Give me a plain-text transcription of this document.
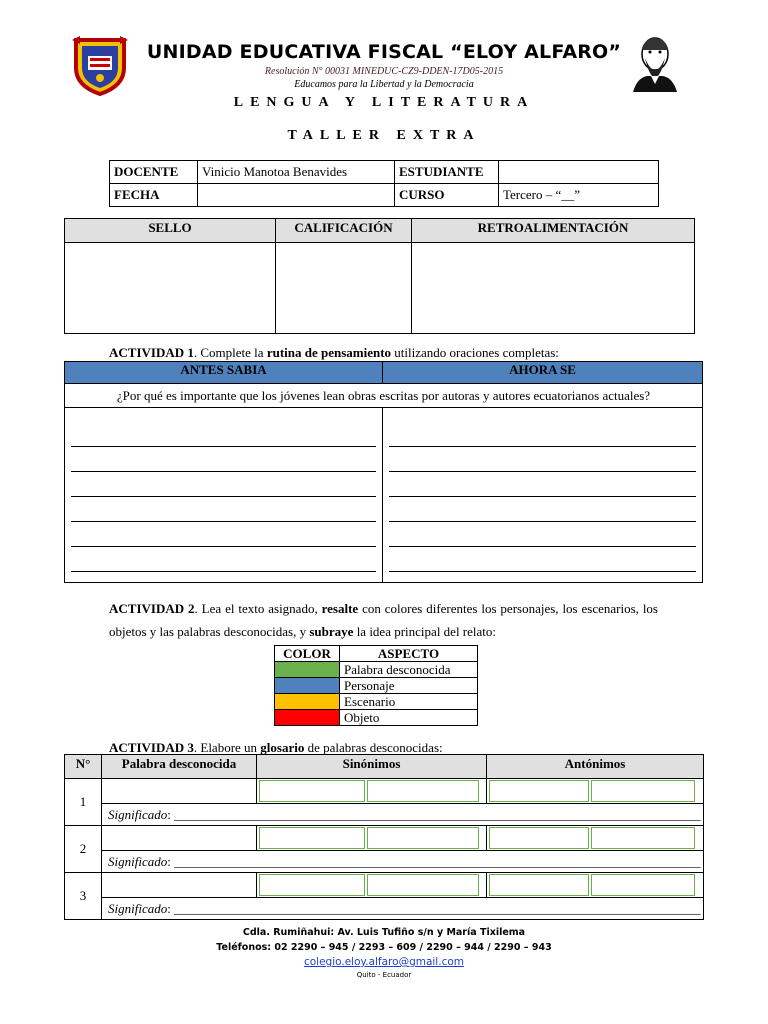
UNIDAD EDUCATIVA FISCAL “ELOY ALFARO”
Resolución N° 00031 MINEDUC-CZ9-DDEN-17D05-2015
Educamos para la Libertad y la Democracia
LENGUA Y LITERATURA
TALLER EXTRA
DOCENTE	Vinicio Manotoa Benavides	ESTUDIANTE	
FECHA		CURSO	Tercero – “__”
SELLO	CALIFICACIÓN	RETROALIMENTACIÓN

ACTIVIDAD 1. Complete la rutina de pensamiento utilizando oraciones completas:
ANTES SABIA	AHORA SE
¿Por qué es importante que los jóvenes lean obras escritas por autoras y autores ecuatorianos actuales?	

ACTIVIDAD 2. Lea el texto asignado, resalte con colores diferentes los personajes, los escenarios, los objetos y las palabras desconocidas, y subraye la idea principal del relato:
COLOR	ASPECTO
	Palabra desconocida
	Personaje
	Escenario
	Objeto
ACTIVIDAD 3. Elabore un glosario de palabras desconocidas:
N°	Palabra desconocida	Sinónimos	Antónimos
1		

	Significado: _________________________________________________________________________________		

2		

	Significado: _________________________________________________________________________________		

3		

	Significado: _________________________________________________________________________________		
Cdla. Rumiñahui: Av. Luis Tufiño s/n y María Tixilema
Teléfonos: 02 2290 – 945 / 2293 – 609 / 2290 – 944 / 2290 – 943
colegio.eloy.alfaro@gmail.com
Quito - Ecuador
